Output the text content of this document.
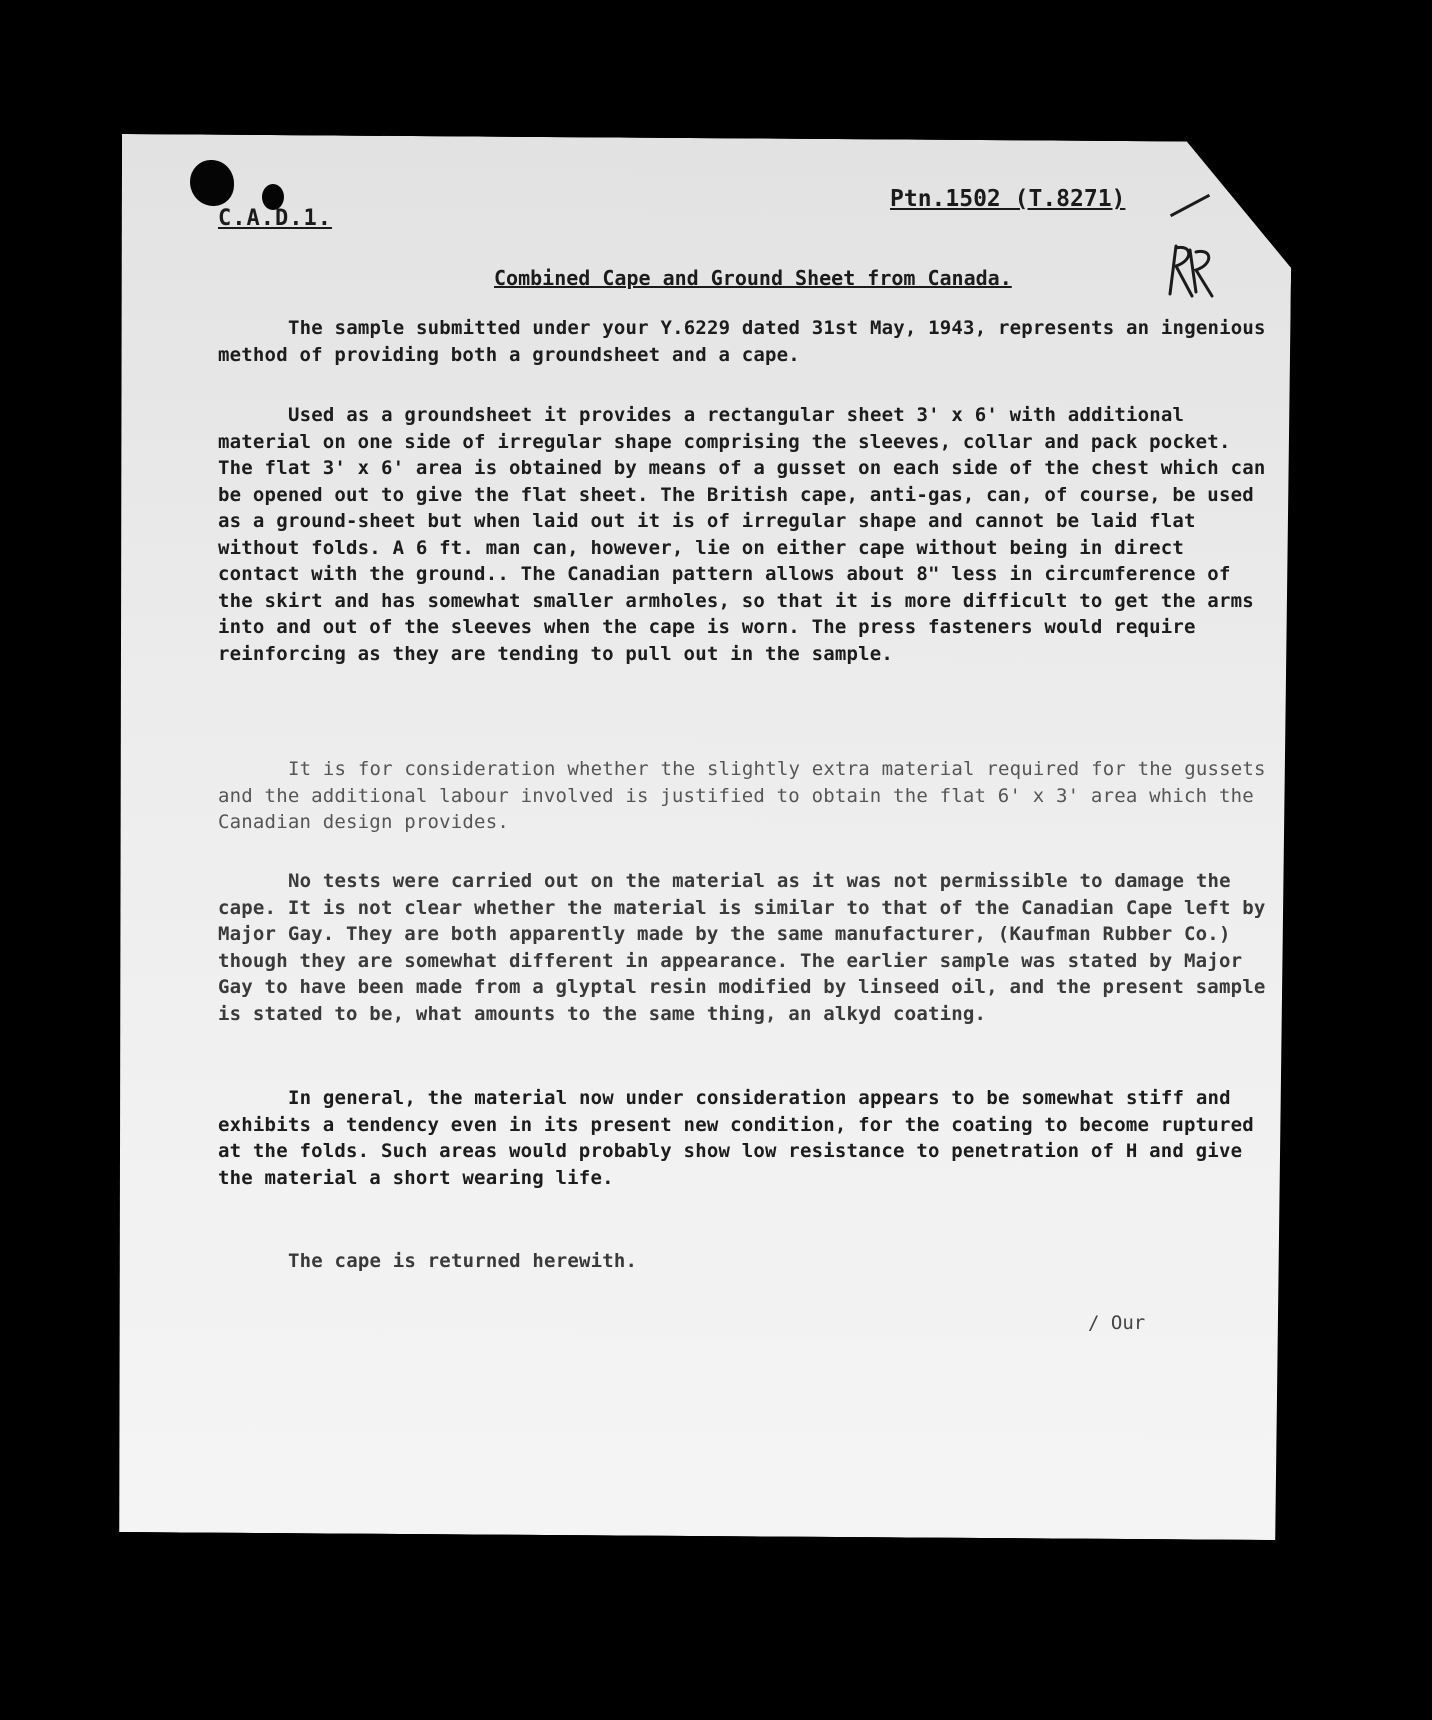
C.A.D.1.
Ptn.1502 (T.8271)
Combined Cape and Ground Sheet from Canada.
The sample submitted under your Y.6229 dated 31st May, 1943, represents an ingenious method of providing both a groundsheet and a cape.
Used as a groundsheet it provides a rectangular sheet 3' x 6' with additional material on one side of irregular shape comprising the sleeves, collar and pack pocket. The flat 3' x 6' area is obtained by means of a gusset on each side of the chest which can be opened out to give the flat sheet. The British cape, anti-gas, can, of course, be used as a ground-sheet but when laid out it is of irregular shape and cannot be laid flat without folds. A 6 ft. man can, however, lie on either cape without being in direct contact with the ground.. The Canadian pattern allows about 8" less in circumference of the skirt and has somewhat smaller armholes, so that it is more difficult to get the arms into and out of the sleeves when the cape is worn. The press fasteners would require reinforcing as they are tending to pull out in the sample.
It is for consideration whether the slightly extra material required for the gussets and the additional labour involved is justified to obtain the flat 6' x 3' area which the Canadian design provides.
No tests were carried out on the material as it was not permissible to damage the cape. It is not clear whether the material is similar to that of the Canadian Cape left by Major Gay. They are both apparently made by the same manufacturer, (Kaufman Rubber Co.) though they are somewhat different in appearance. The earlier sample was stated by Major Gay to have been made from a glyptal resin modified by linseed oil, and the present sample is stated to be, what amounts to the same thing, an alkyd coating.
In general, the material now under consideration appears to be somewhat stiff and exhibits a tendency even in its present new condition, for the coating to become ruptured at the folds. Such areas would probably show low resistance to penetration of H and give the material a short wearing life.
The cape is returned herewith.
/ Our
